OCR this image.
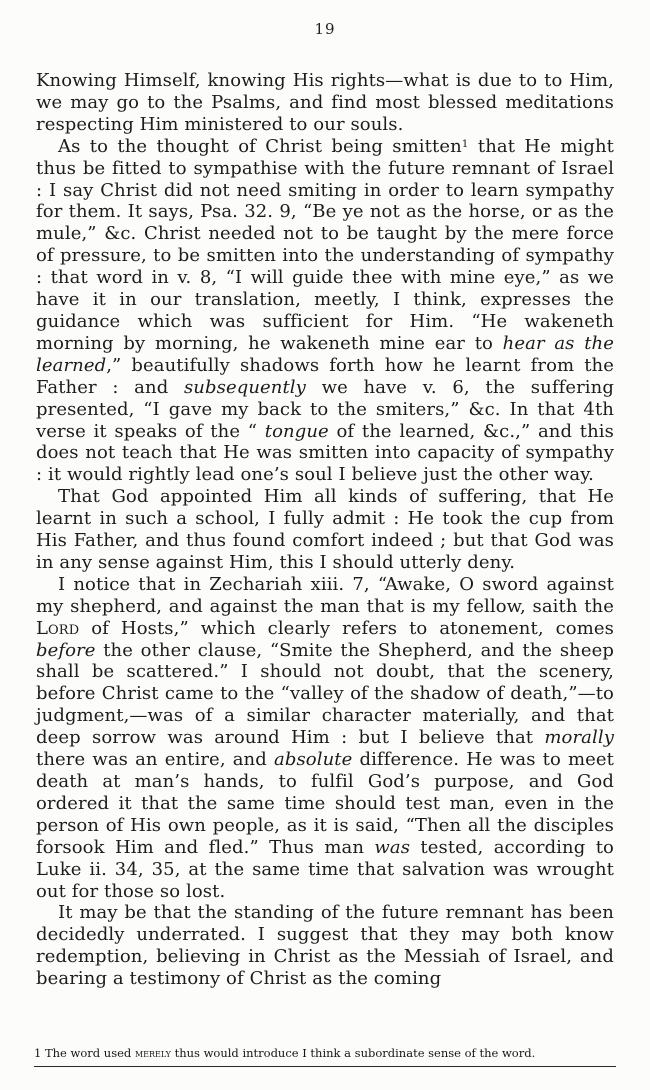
19

Knowing Himself, knowing His rights—what is due to to Him, we may go to the Psalms, and find most blessed meditations respecting Him ministered to our souls.

As to the thought of Christ being smitten$^1$ that He might thus be fitted to sympathise with the future remnant of Israel : I say Christ did not need smiting in order to learn sympathy for them. It says, Psa. 32. 9, “Be ye not as the horse, or as the mule,” &c. Christ needed not to be taught by the mere force of pressure, to be smitten into the understanding of sympathy : that word in v. 8, “I will guide thee with mine eye,” as we have it in our translation, meetly, I think, expresses the guidance which was sufficient for Him. “He wakeneth morning by morning, he wakeneth mine ear to hear as the learned,” beautifully shadows forth how he learnt from the Father : and subsequently we have v. 6, the suffering presented, “I gave my back to the smiters,” &c. In that 4th verse it speaks of the “ tongue of the learned, &c.,” and this does not teach that He was smitten into capacity of sympathy : it would rightly lead one’s soul I believe just the other way.

That God appointed Him all kinds of suffering, that He learnt in such a school, I fully admit : He took the cup from His Father, and thus found comfort indeed ; but that God was in any sense against Him, this I should utterly deny.

I notice that in Zechariah xiii. 7, “Awake, O sword against my shepherd, and against the man that is my fellow, saith the Lord of Hosts,” which clearly refers to atonement, comes before the other clause, “Smite the Shepherd, and the sheep shall be scattered.” I should not doubt, that the scenery, before Christ came to the “valley of the shadow of death,”—to judgment,—was of a similar character materially, and that deep sorrow was around Him : but I believe that morally there was an entire, and absolute difference. He was to meet death at man’s hands, to fulfil God’s purpose, and God ordered it that the same time should test man, even in the person of His own people, as it is said, “Then all the disciples forsook Him and fled.” Thus man was tested, according to Luke ii. 34, 35, at the same time that salvation was wrought out for those so lost.

It may be that the standing of the future remnant has been decidedly underrated. I suggest that they may both know redemption, believing in Christ as the Messiah of Israel, and bearing a testimony of Christ as the coming

1 The word used merely thus would introduce I think a subordinate sense of the word.
